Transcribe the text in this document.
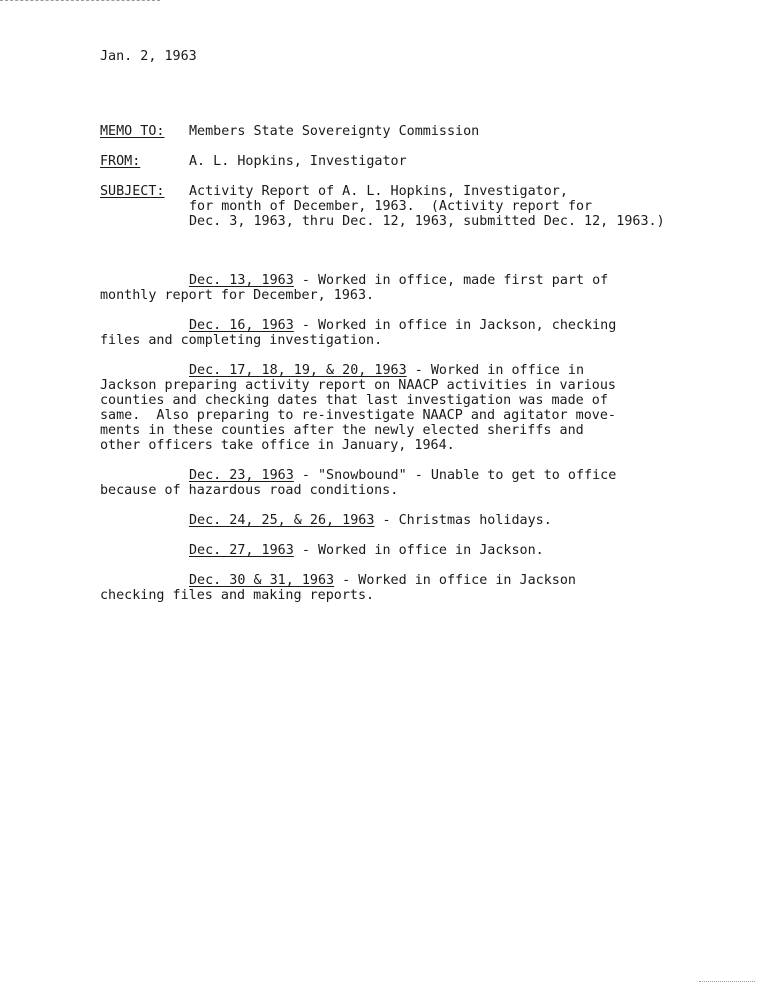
Jan. 2, 1963
MEMO TO: Members State Sovereignty Commission
FROM:	A. L. Hopkins, Investigator
SUBJECT: Activity Report of A. L. Hopkins, Investigator,
for month of December, 1963.  (Activity report for
Dec. 3, 1963, thru Dec. 12, 1963, submitted Dec. 12, 1963.)
Dec. 13, 1963 - Worked in office, made first part of
monthly report for December, 1963.
Dec. 16, 1963 - Worked in office in Jackson, checking
files and completing investigation.
Dec. 17, 18, 19, & 20, 1963 - Worked in office in
Jackson preparing activity report on NAACP activities in various
counties and checking dates that last investigation was made of
same.  Also preparing to re-investigate NAACP and agitator move-
ments in these counties after the newly elected sheriffs and
other officers take office in January, 1964.
Dec. 23, 1963 - "Snowbound" - Unable to get to office
because of hazardous road conditions.
Dec. 24, 25, & 26, 1963 - Christmas holidays.
Dec. 27, 1963 - Worked in office in Jackson.
Dec. 30 & 31, 1963 - Worked in office in Jackson
checking files and making reports.
